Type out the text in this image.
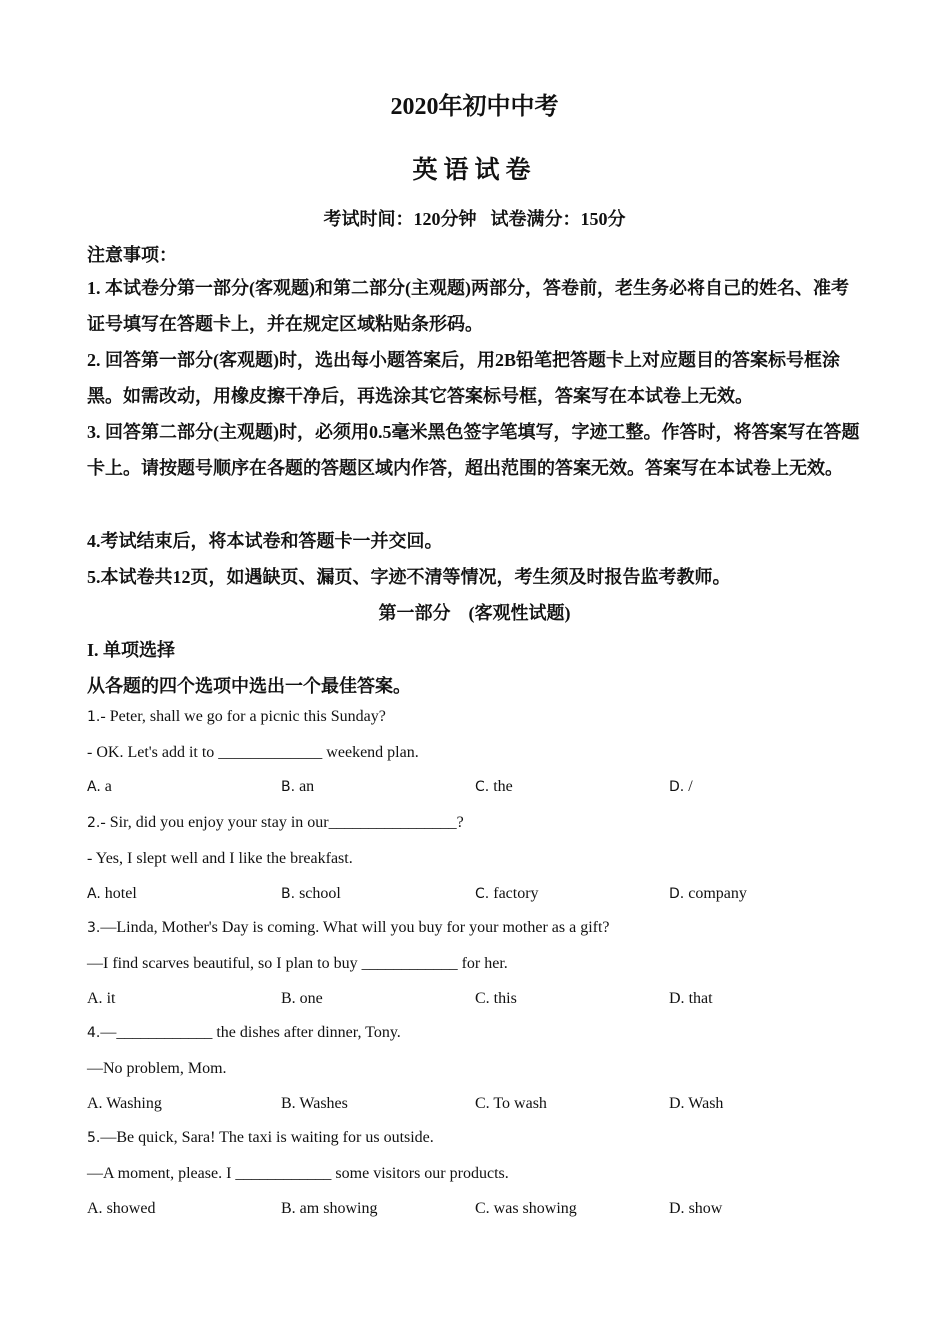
2020年初中中考
英语试卷
考试时间：120分钟 试卷满分：150分
注意事项：
1. 本试卷分第一部分(客观题)和第二部分(主观题)两部分，答卷前，老生务必将自己的姓名、准考证号填写在答题卡上，并在规定区域粘贴条形码。
2. 回答第一部分(客观题)时，选出每小题答案后，用2B铅笔把答题卡上对应题目的答案标号框涂黑。如需改动，用橡皮擦干净后，再选涂其它答案标号框，答案写在本试卷上无效。
3. 回答第二部分(主观题)时，必须用0.5毫米黑色签字笔填写，字迹工整。作答时，将答案写在答题卡上。请按题号顺序在各题的答题区域内作答，超出范围的答案无效。答案写在本试卷上无效。
4.考试结束后，将本试卷和答题卡一并交回。
5.本试卷共12页，如遇缺页、漏页、字迹不清等情况，考生须及时报告监考教师。
第一部分　(客观性试题)
I. 单项选择
从各题的四个选项中选出一个最佳答案。
1.- Peter, shall we go for a picnic this Sunday?
- OK. Let's add it to _____________ weekend plan.
A. a	B. an	C. the	D. /
2.- Sir, did you enjoy your stay in our________________?
- Yes, I slept well and I like the breakfast.
A. hotel	B. school	C. factory	D. company
3.—Linda, Mother's Day is coming. What will you buy for your mother as a gift?
—I find scarves beautiful, so I plan to buy ____________ for her.
A. it	B. one	C. this	D. that
4.—____________ the dishes after dinner, Tony.
—No problem, Mom.
A. Washing	B. Washes	C. To wash	D. Wash
5.—Be quick, Sara! The taxi is waiting for us outside.
—A moment, please. I ____________ some visitors our products.
A. showed	B. am showing	C. was showing	D. show
